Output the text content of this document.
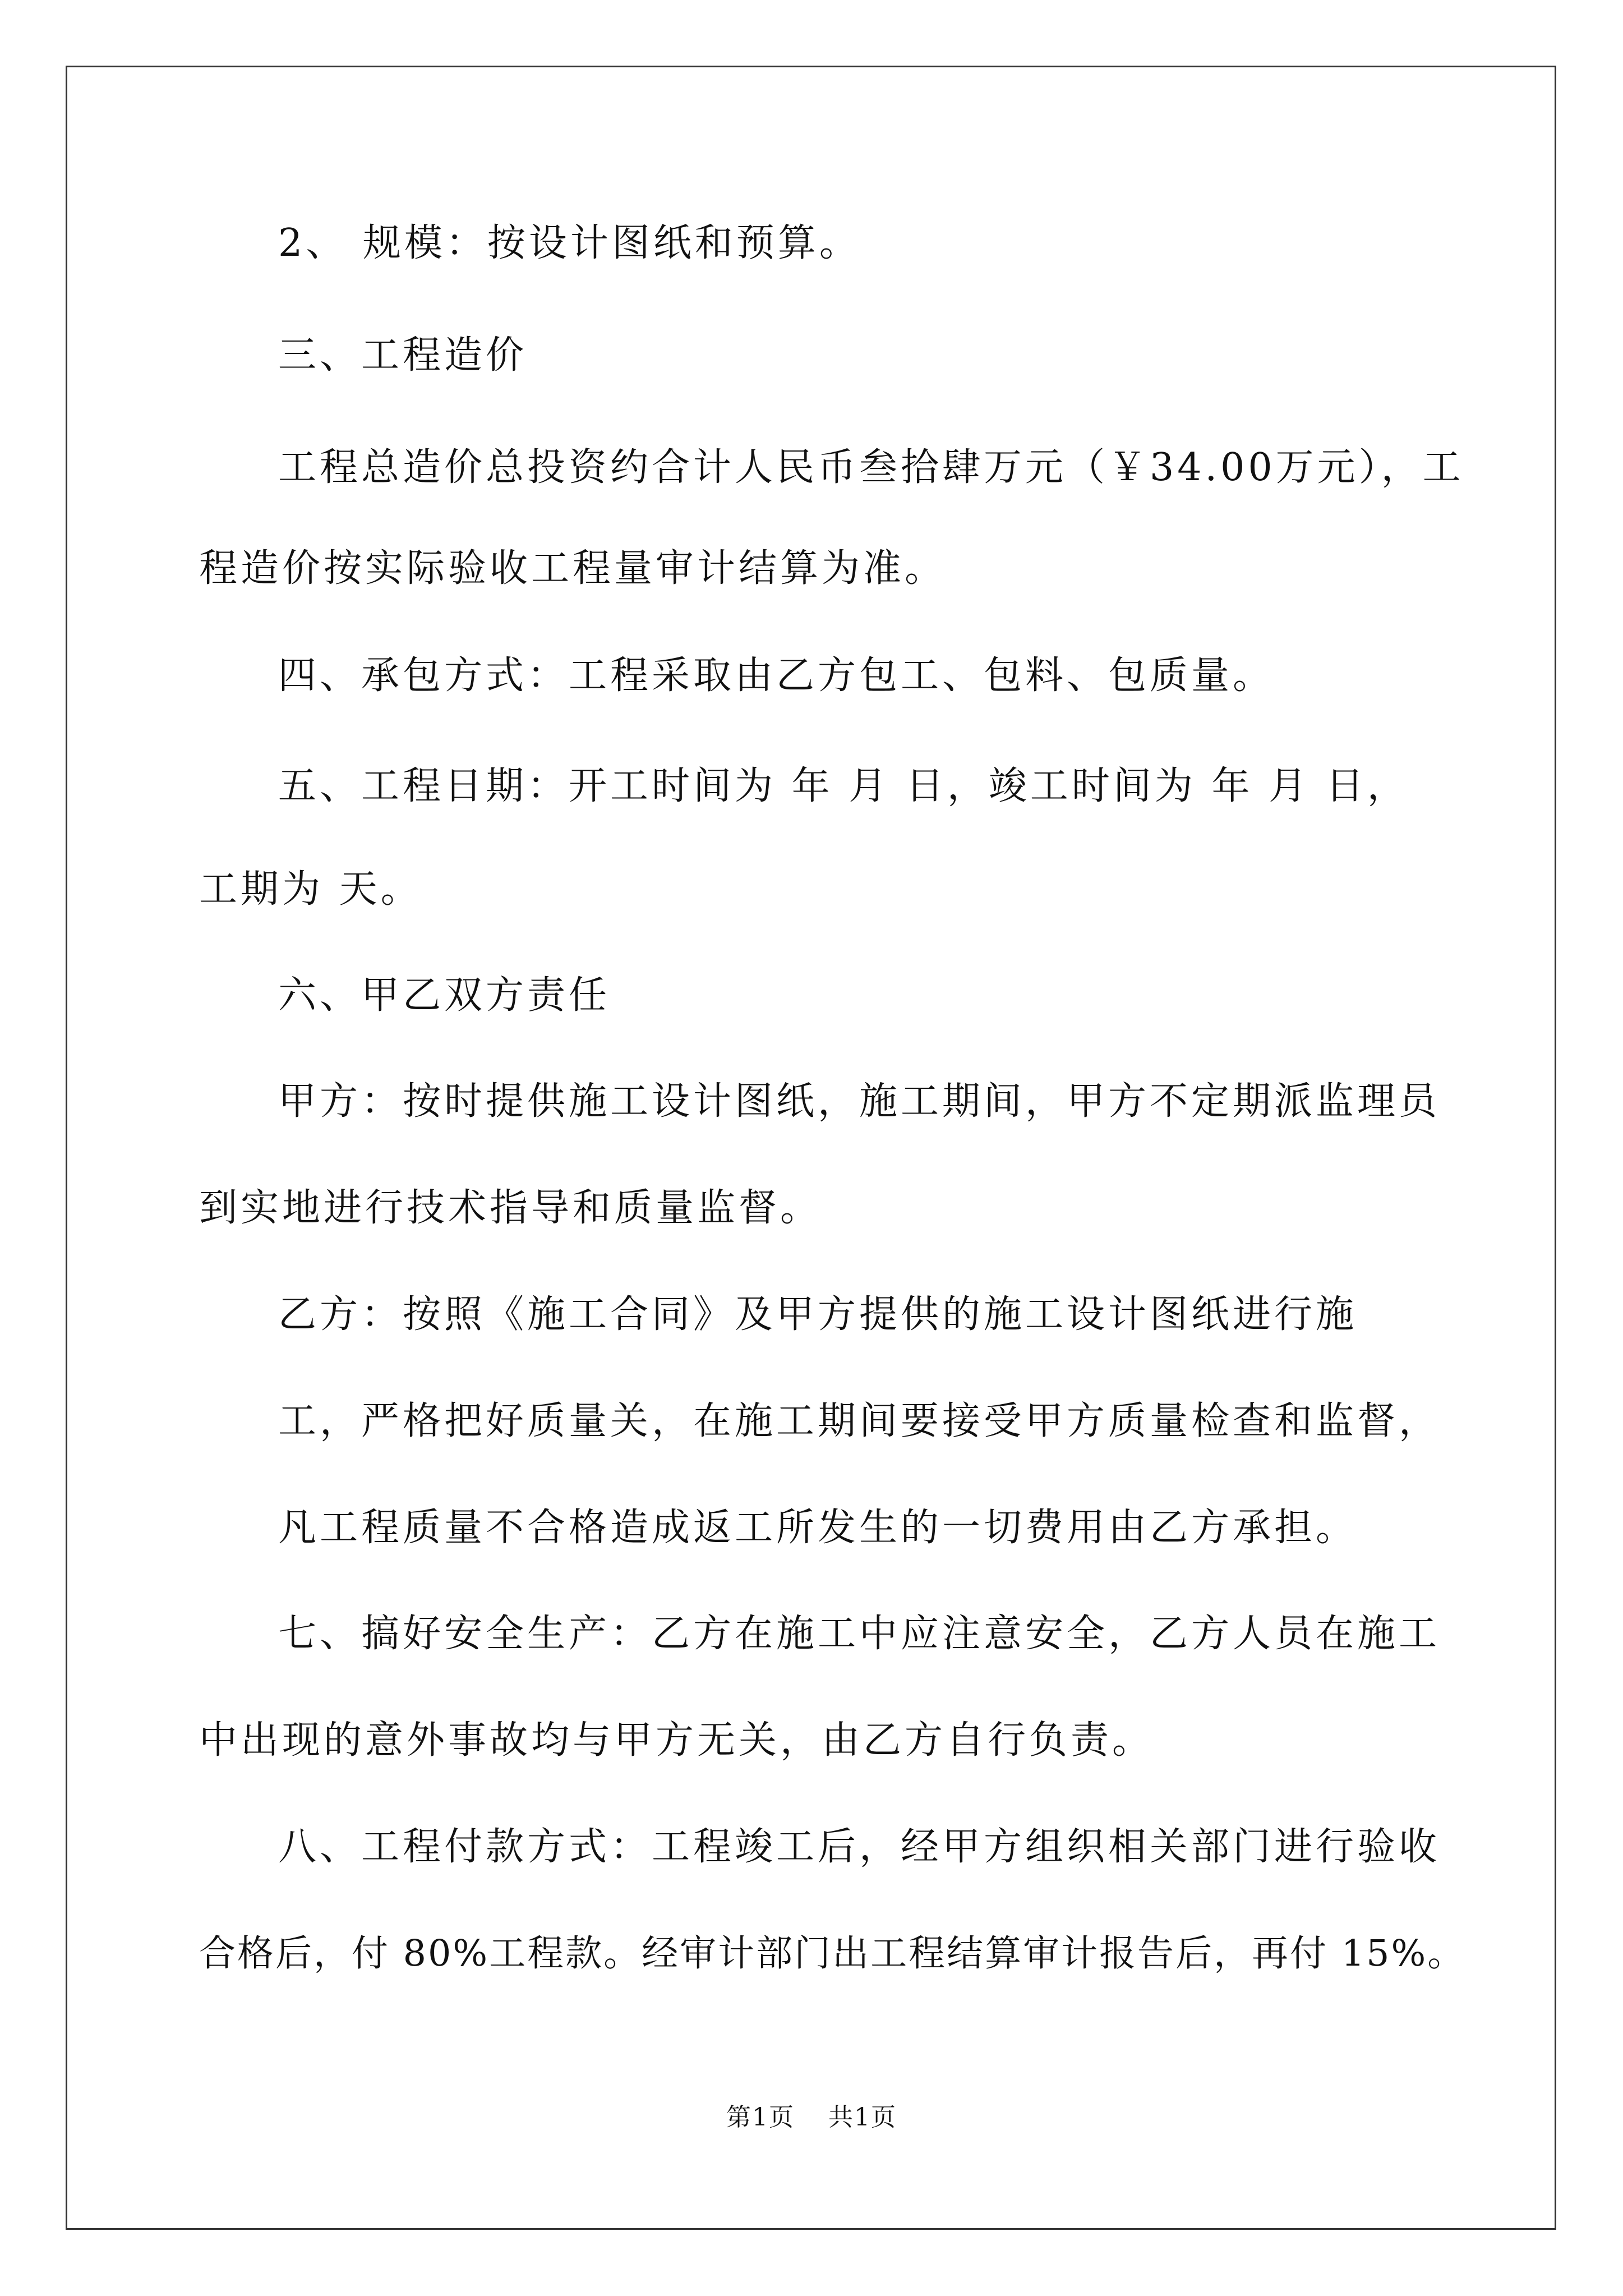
2、 规模：按设计图纸和预算。
三、工程造价
工程总造价总投资约合计人民币叁拾肆万元（￥34.00万元），工
程造价按实际验收工程量审计结算为准。
四、承包方式：工程采取由乙方包工、包料、包质量。
五、工程日期：开工时间为 年 月 日，竣工时间为 年 月 日，
工期为 天。
六、甲乙双方责任
甲方：按时提供施工设计图纸，施工期间，甲方不定期派监理员
到实地进行技术指导和质量监督。
乙方：按照《施工合同》及甲方提供的施工设计图纸进行施
工，严格把好质量关，在施工期间要接受甲方质量检查和监督，
凡工程质量不合格造成返工所发生的一切费用由乙方承担。
七、搞好安全生产：乙方在施工中应注意安全，乙方人员在施工
中出现的意外事故均与甲方无关，由乙方自行负责。
八、工程付款方式：工程竣工后，经甲方组织相关部门进行验收
合格后，付 80%工程款。经审计部门出工程结算审计报告后，再付 15%。
第1页 共1页
